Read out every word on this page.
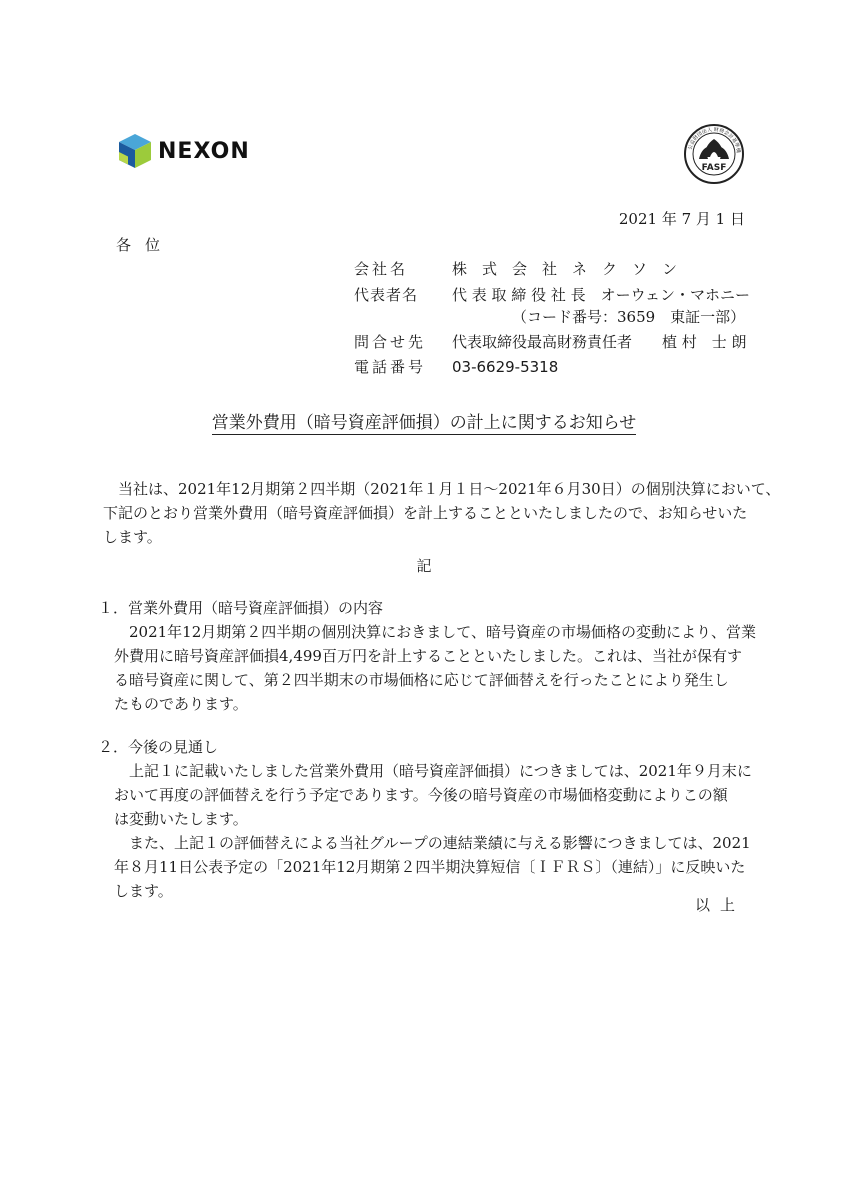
NEXON
FASF
公益財団法人 財務会計基準機
2021 年 7 月 1 日
各位
会社名	株　式　会　社　ネ　ク　ソ　ン
代表者名 代 表 取 締 役 社 長　オーウェン・マホニー
（コード番号：3659　東証一部）
問合せ先 代表取締役最高財務責任者　　植 村　士 朗
電話番号 03-6629-5318
営業外費用（暗号資産評価損）の計上に関するお知らせ

　当社は、2021年12月期第２四半期（2021年１月１日～2021年６月30日）の個別決算において、

下記のとおり営業外費用（暗号資産評価損）を計上することといたしましたので、お知らせいた

します。

記

１．営業外費用（暗号資産評価損）の内容

　2021年12月期第２四半期の個別決算におきまして、暗号資産の市場価格の変動により、営業

外費用に暗号資産評価損4,499百万円を計上することといたしました。これは、当社が保有す

る暗号資産に関して、第２四半期末の市場価格に応じて評価替えを行ったことにより発生し

たものであります。

２．今後の見通し

　上記１に記載いたしました営業外費用（暗号資産評価損）につきましては、2021年９月末に

おいて再度の評価替えを行う予定であります。今後の暗号資産の市場価格変動によりこの額

は変動いたします。

　また、上記１の評価替えによる当社グループの連結業績に与える影響につきましては、2021

年８月11日公表予定の「2021年12月期第２四半期決算短信〔ＩＦＲＳ〕（連結）」に反映いた

します。

以上
